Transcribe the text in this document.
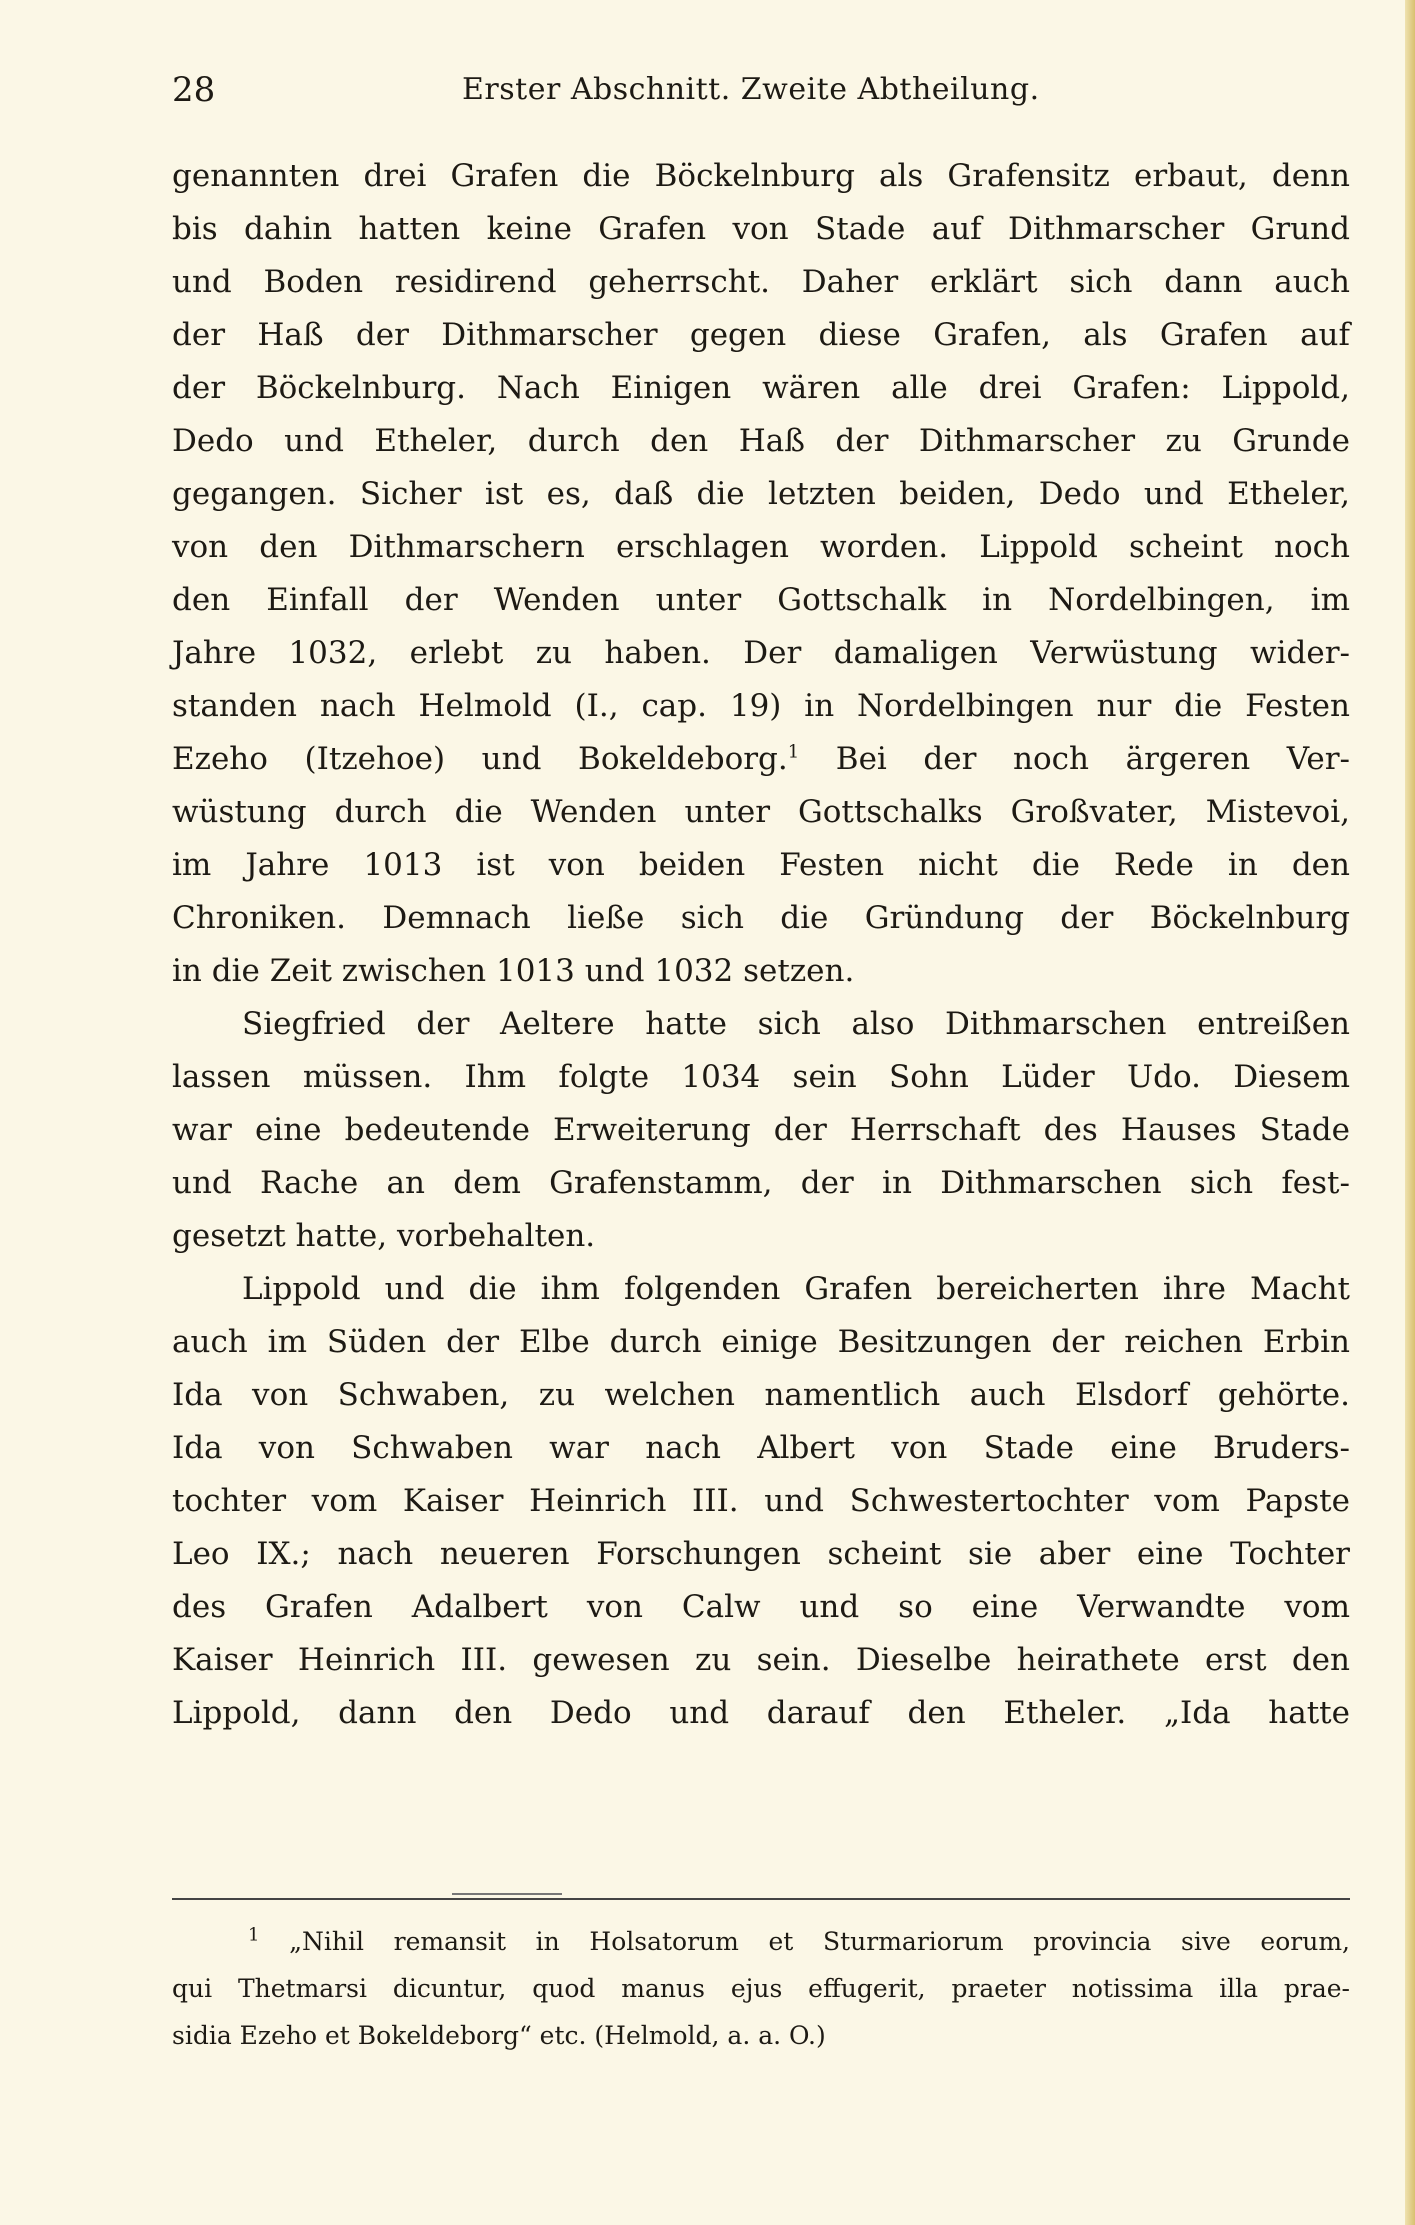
28	Erster Abschnitt. Zweite Abtheilung.
genannten drei Grafen die Böckelnburg als Grafensitz erbaut, denn
bis dahin hatten keine Grafen von Stade auf Dithmarscher Grund
und Boden residirend geherrscht. Daher erklärt sich dann auch
der Haß der Dithmarscher gegen diese Grafen, als Grafen auf
der Böckelnburg. Nach Einigen wären alle drei Grafen: Lippold,
Dedo und Etheler, durch den Haß der Dithmarscher zu Grunde
gegangen. Sicher ist es, daß die letzten beiden, Dedo und Etheler,
von den Dithmarschern erschlagen worden. Lippold scheint noch
den Einfall der Wenden unter Gottschalk in Nordelbingen, im
Jahre 1032, erlebt zu haben. Der damaligen Verwüstung wider-
standen nach Helmold (I., cap. 19) in Nordelbingen nur die Festen
Ezeho (Itzehoe) und Bokeldeborg.$^1$ Bei der noch ärgeren Ver-
wüstung durch die Wenden unter Gottschalks Großvater, Mistevoi,
im Jahre 1013 ist von beiden Festen nicht die Rede in den
Chroniken. Demnach ließe sich die Gründung der Böckelnburg
in die Zeit zwischen 1013 und 1032 setzen.
Siegfried der Aeltere hatte sich also Dithmarschen entreißen
lassen müssen. Ihm folgte 1034 sein Sohn Lüder Udo. Diesem
war eine bedeutende Erweiterung der Herrschaft des Hauses Stade
und Rache an dem Grafenstamm, der in Dithmarschen sich fest-
gesetzt hatte, vorbehalten.
Lippold und die ihm folgenden Grafen bereicherten ihre Macht
auch im Süden der Elbe durch einige Besitzungen der reichen Erbin
Ida von Schwaben, zu welchen namentlich auch Elsdorf gehörte.
Ida von Schwaben war nach Albert von Stade eine Bruders-
tochter vom Kaiser Heinrich III. und Schwestertochter vom Papste
Leo IX.; nach neueren Forschungen scheint sie aber eine Tochter
des Grafen Adalbert von Calw und so eine Verwandte vom
Kaiser Heinrich III. gewesen zu sein. Dieselbe heirathete erst den
Lippold, dann den Dedo und darauf den Etheler. „Ida hatte
$^1$ „Nihil remansit in Holsatorum et Sturmariorum provincia sive eorum,
qui Thetmarsi dicuntur, quod manus ejus effugerit, praeter notissima illa prae-
sidia Ezeho et Bokeldeborg“ etc. (Helmold, a. a. O.)
